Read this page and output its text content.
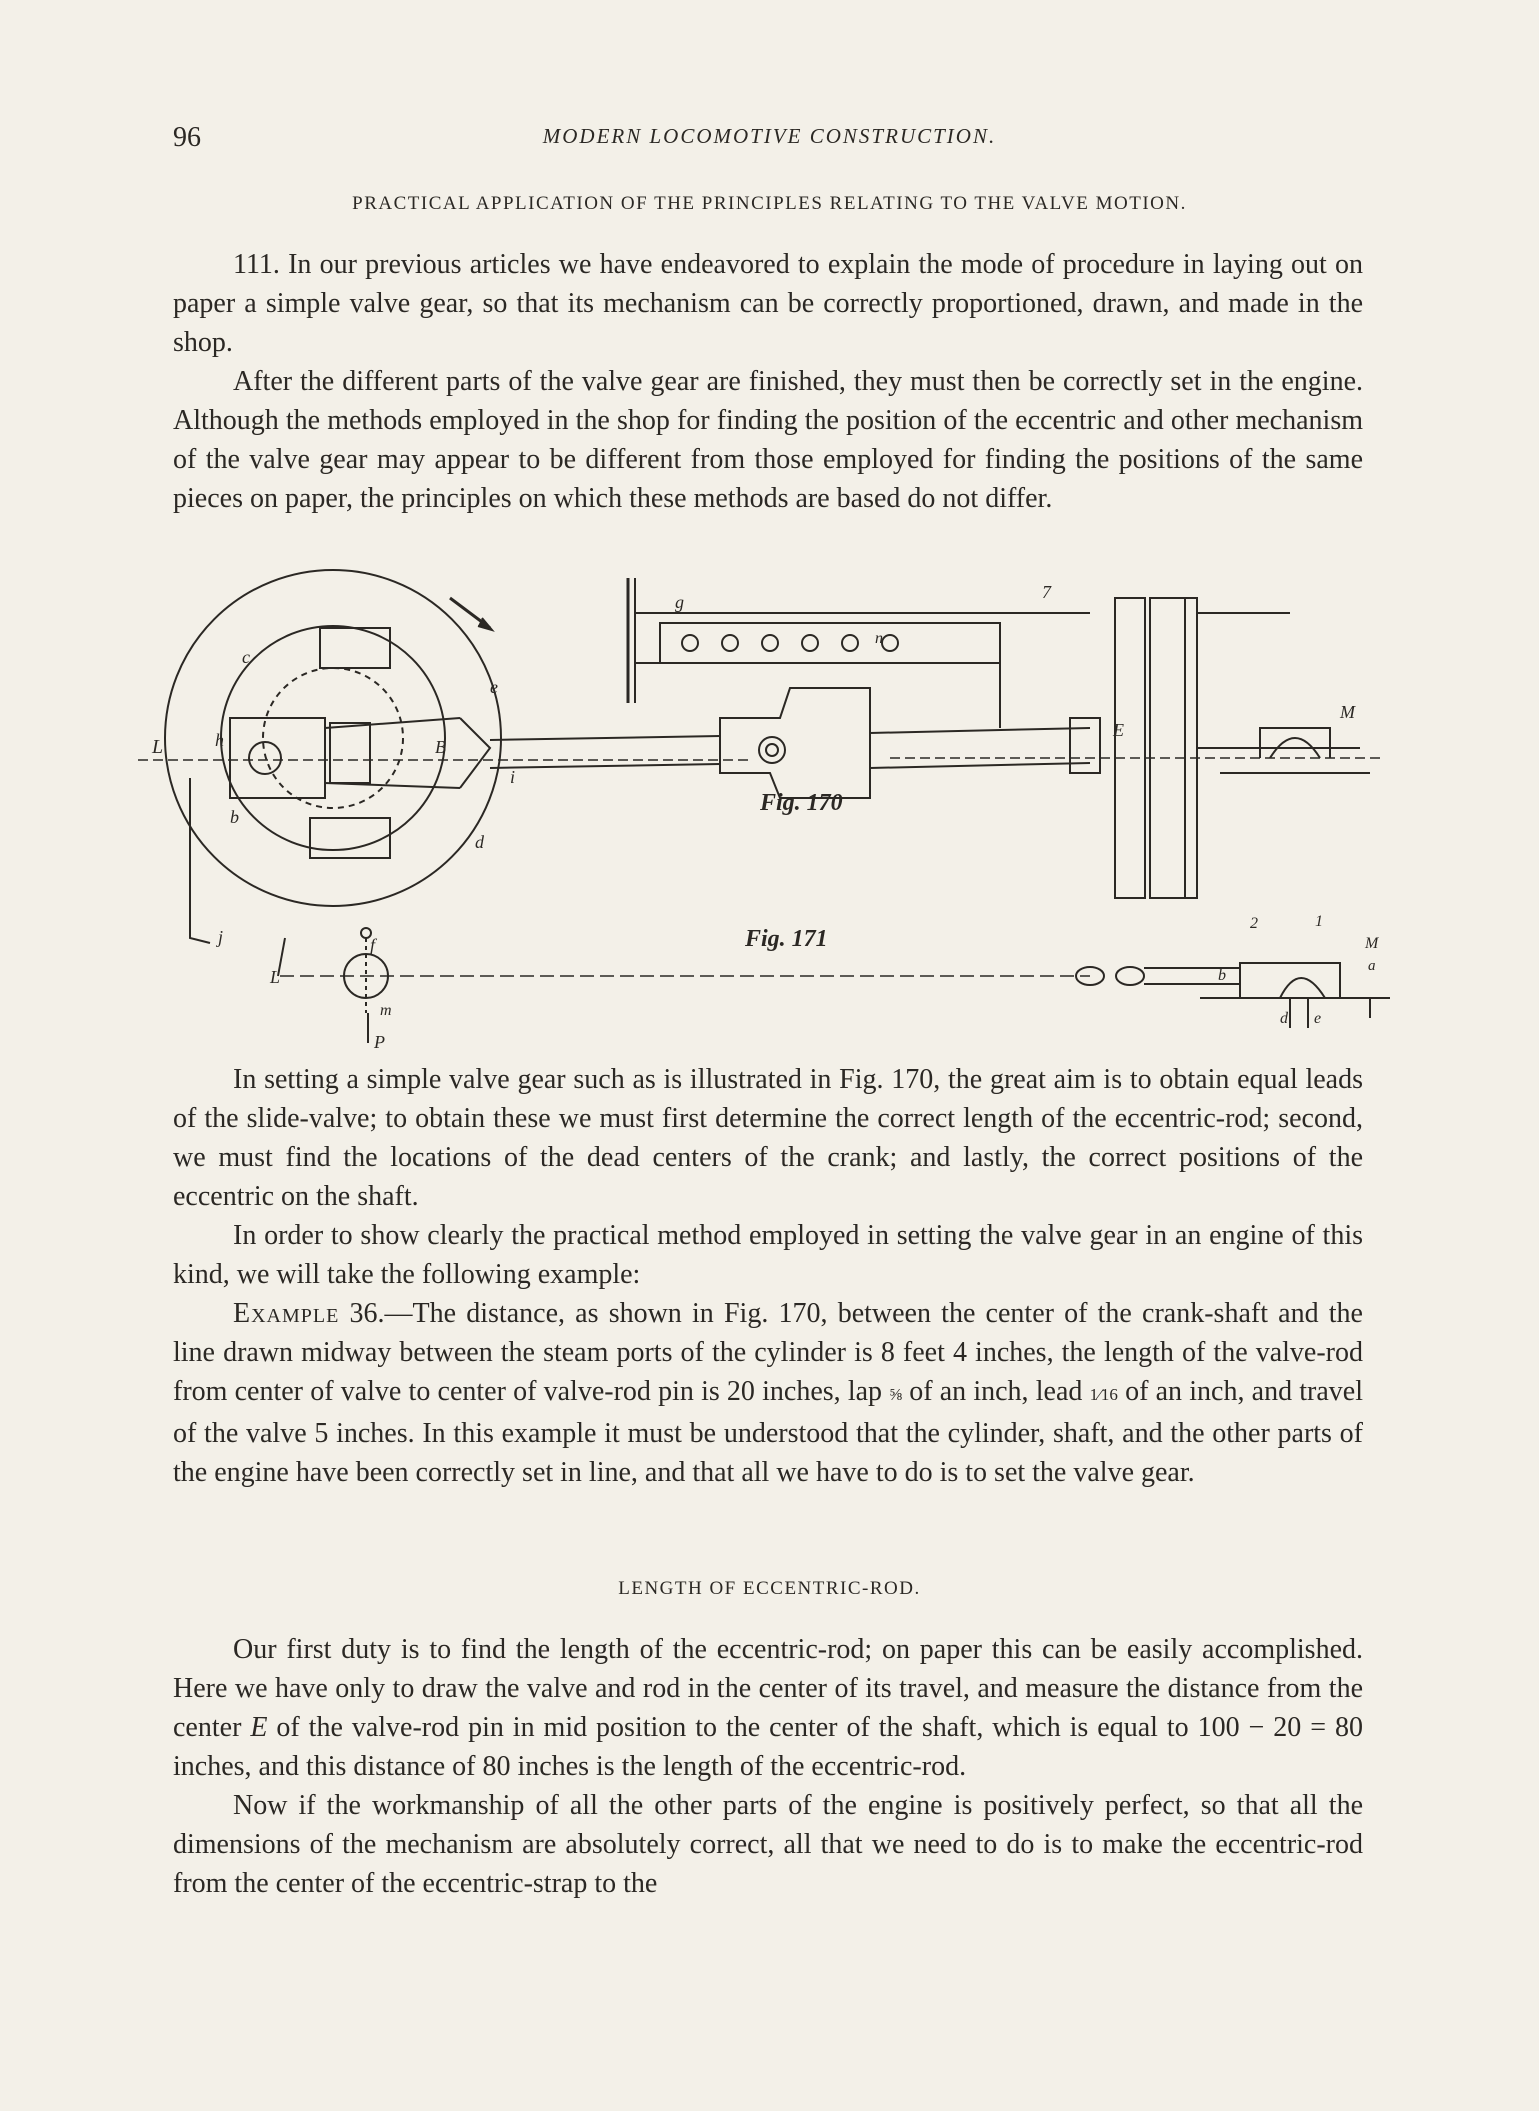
96	MODERN LOCOMOTIVE CONSTRUCTION.
PRACTICAL APPLICATION OF THE PRINCIPLES RELATING TO THE VALVE MOTION.

111. In our previous articles we have endeavored to explain the mode of procedure in laying out on paper a simple valve gear, so that its mechanism can be correctly proportioned, drawn, and made in the shop.

After the different parts of the valve gear are finished, they must then be correctly set in the engine. Although the methods employed in the shop for finding the position of the eccentric and other mechanism of the valve gear may appear to be different from those employed for finding the positions of the same pieces on paper, the principles on which these methods are based do not differ.

L
c
h
b
j
e
B
i
d
g	7
n
E
M
f
L
m
P
2	1
M
a
b
d e
Fig. 170
Fig. 171

In setting a simple valve gear such as is illustrated in Fig. 170, the great aim is to obtain equal leads of the slide-valve; to obtain these we must first determine the correct length of the eccentric-rod; second, we must find the locations of the dead centers of the crank; and lastly, the correct positions of the eccentric on the shaft.

In order to show clearly the practical method employed in setting the valve gear in an engine of this kind, we will take the following example:

Example 36.—The distance, as shown in Fig. 170, between the center of the crank-shaft and the line drawn midway between the steam ports of the cylinder is 8 feet 4 inches, the length of the valve-rod from center of valve to center of valve-rod pin is 20 inches, lap ⅝ of an inch, lead 1⁄16 of an inch, and travel of the valve 5 inches. In this example it must be understood that the cylinder, shaft, and the other parts of the engine have been correctly set in line, and that all we have to do is to set the valve gear.

LENGTH OF ECCENTRIC-ROD.

Our first duty is to find the length of the eccentric-rod; on paper this can be easily accomplished. Here we have only to draw the valve and rod in the center of its travel, and measure the distance from the center E of the valve-rod pin in mid position to the center of the shaft, which is equal to 100 − 20 = 80 inches, and this distance of 80 inches is the length of the eccentric-rod.

Now if the workmanship of all the other parts of the engine is positively perfect, so that all the dimensions of the mechanism are absolutely correct, all that we need to do is to make the eccentric-rod from the center of the eccentric-strap to the
